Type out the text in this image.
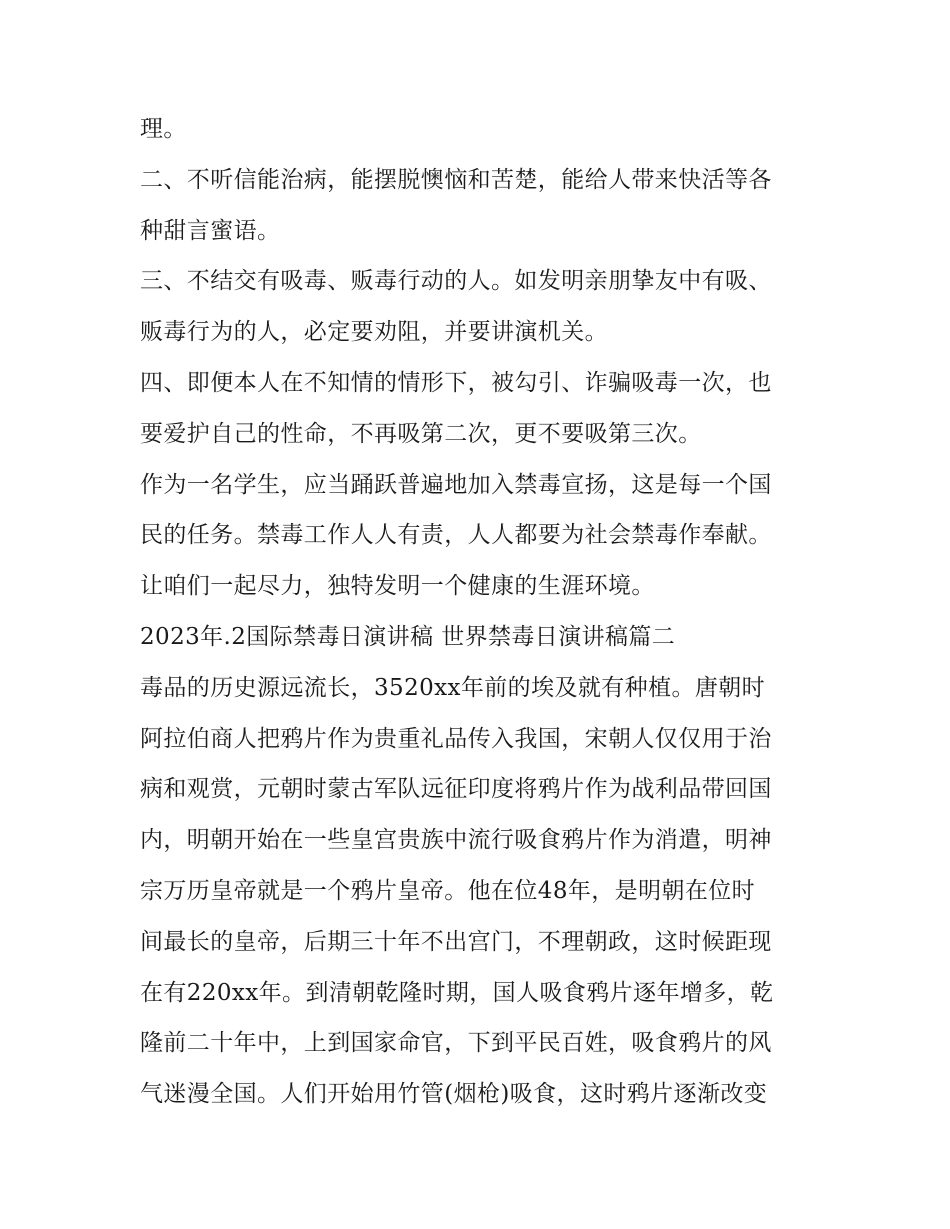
理。
二、不听信能治病，能摆脱懊恼和苦楚，能给人带来快活等各
种甜言蜜语。
三、不结交有吸毒、贩毒行动的人。如发明亲朋挚友中有吸、
贩毒行为的人，必定要劝阻，并要讲演机关。
四、即便本人在不知情的情形下，被勾引、诈骗吸毒一次，也
要爱护自己的性命，不再吸第二次，更不要吸第三次。
作为一名学生，应当踊跃普遍地加入禁毒宣扬，这是每一个国
民的任务。禁毒工作人人有责，人人都要为社会禁毒作奉献。
让咱们一起尽力，独特发明一个健康的生涯环境。
2023年.2国际禁毒日演讲稿 世界禁毒日演讲稿篇二
毒品的历史源远流长，3520xx年前的埃及就有种植。唐朝时
阿拉伯商人把鸦片作为贵重礼品传入我国，宋朝人仅仅用于治
病和观赏，元朝时蒙古军队远征印度将鸦片作为战利品带回国
内，明朝开始在一些皇宫贵族中流行吸食鸦片作为消遣，明神
宗万历皇帝就是一个鸦片皇帝。他在位48年，是明朝在位时
间最长的皇帝，后期三十年不出宫门，不理朝政，这时候距现
在有220xx年。到清朝乾隆时期，国人吸食鸦片逐年增多，乾
隆前二十年中，上到国家命官，下到平民百姓，吸食鸦片的风
气迷漫全国。人们开始用竹管(烟枪)吸食，这时鸦片逐渐改变
